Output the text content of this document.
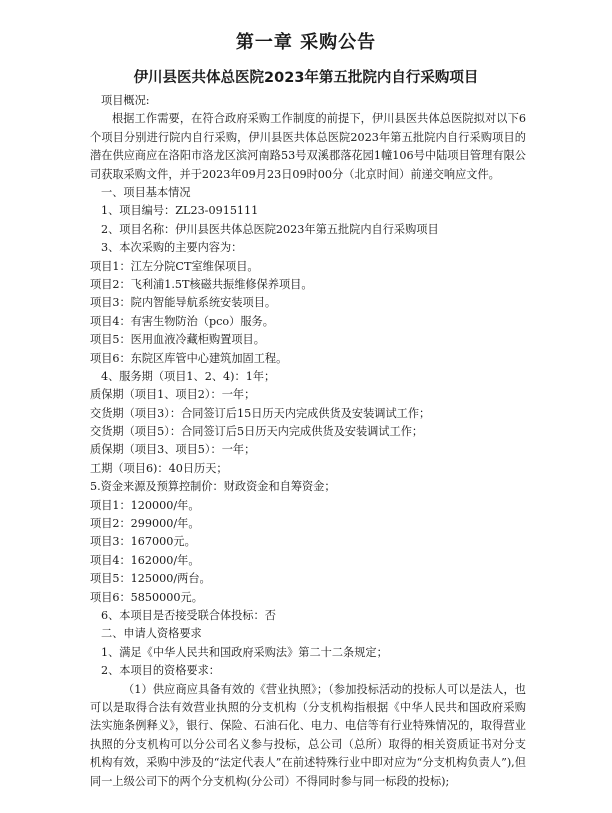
第一章 采购公告
伊川县医共体总医院2023年第五批院内自行采购项目
项目概况:
根据工作需要，在符合政府采购工作制度的前提下，伊川县医共体总医院拟对以下6个项目分别进行院内自行采购，伊川县医共体总医院2023年第五批院内自行采购项目的潜在供应商应在洛阳市洛龙区滨河南路53号双溪郡落花园1幢106号中陆项目管理有限公司获取采购文件，并于2023年09月23日09时00分（北京时间）前递交响应文件。
一、项目基本情况
1、项目编号：ZL23-0915111
2、项目名称：伊川县医共体总医院2023年第五批院内自行采购项目
3、本次采购的主要内容为：
项目1：江左分院CT室维保项目。
项目2：飞利浦1.5T核磁共振维修保养项目。
项目3：院内智能导航系统安装项目。
项目4：有害生物防治（pco）服务。
项目5：医用血液冷藏柜购置项目。
项目6：东院区库管中心建筑加固工程。
4、服务期（项目1、2、4)：1年；
质保期（项目1、项目2）：一年；
交货期（项目3）：合同签订后15日历天内完成供货及安装调试工作；
交货期（项目5）：合同签订后5日历天内完成供货及安装调试工作；
质保期（项目3、项目5）：一年；
工期（项目6)：40日历天；
5.资金来源及预算控制价：财政资金和自筹资金；
项目1：120000/年。
项目2：299000/年。
项目3：167000元。
项目4：162000/年。
项目5：125000/两台。
项目6：5850000元。
6、本项目是否接受联合体投标：否
二、申请人资格要求
1、满足《中华人民共和国政府采购法》第二十二条规定；
2、本项目的资格要求：
（1）供应商应具备有效的《营业执照》；（参加投标活动的投标人可以是法人，也可以是取得合法有效营业执照的分支机构（分支机构指根据《中华人民共和国政府采购法实施条例释义》，银行、保险、石油石化、电力、电信等有行业特殊情况的，取得营业执照的分支机构可以分公司名义参与投标，总公司（总所）取得的相关资质证书对分支机构有效，采购中涉及的“法定代表人”在前述特殊行业中即对应为“分支机构负责人”),但同一上级公司下的两个分支机构(分公司）不得同时参与同一标段的投标);
